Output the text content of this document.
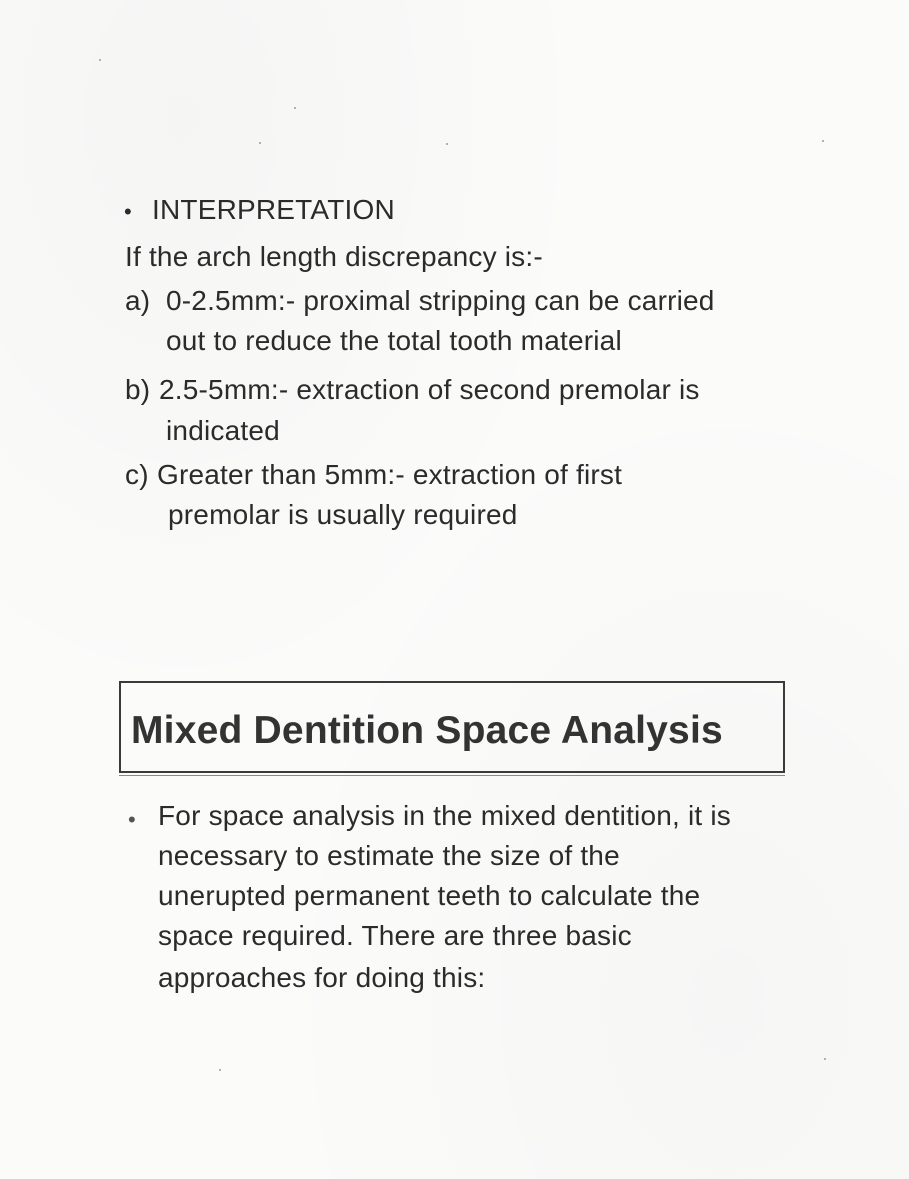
• INTERPRETATION
If the arch length discrepancy is:-
a) 0-2.5mm:- proximal stripping can be carried
out to reduce the total tooth material
b) 2.5-5mm:- extraction of second premolar is
indicated
c) Greater than 5mm:- extraction of first
premolar is usually required
Mixed Dentition Space Analysis
• For space analysis in the mixed dentition, it is
necessary to estimate the size of the
unerupted permanent teeth to calculate the
space required. There are three basic
approaches for doing this:
